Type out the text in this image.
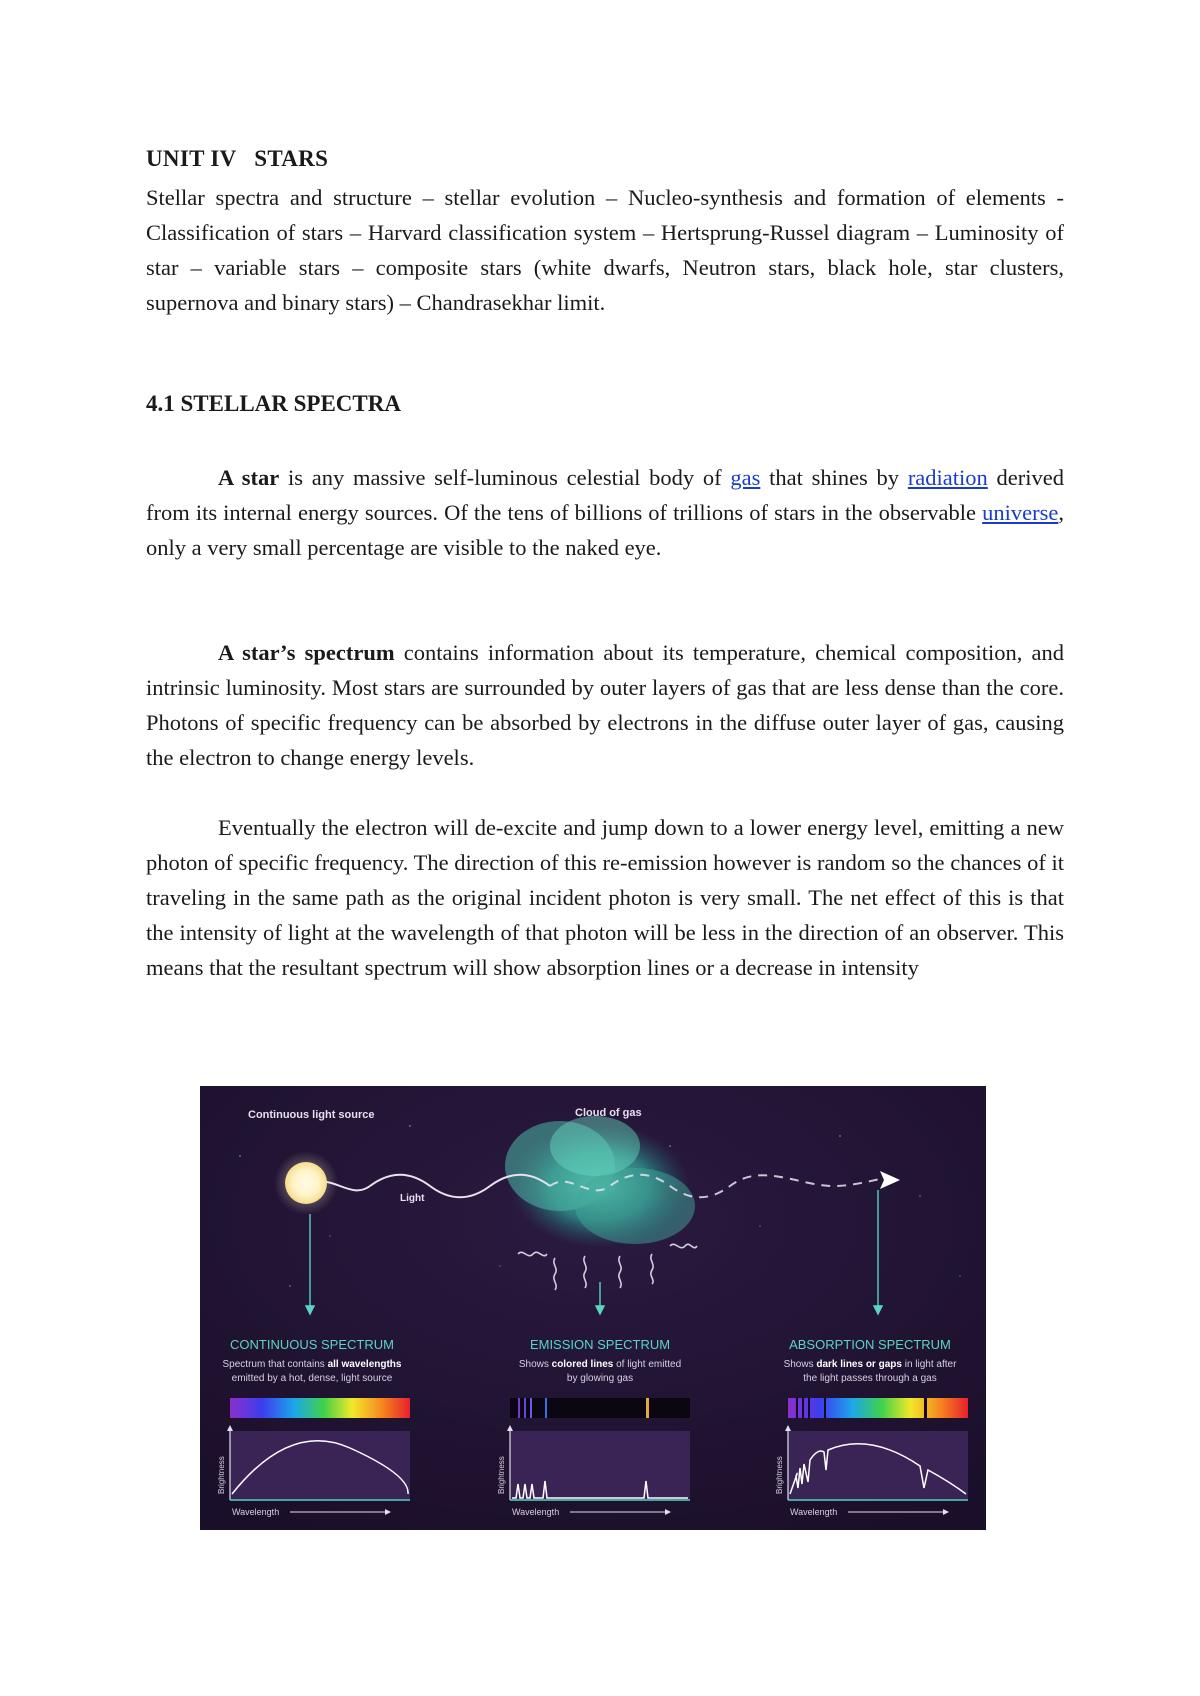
UNIT IV   STARS
Stellar spectra and structure – stellar evolution – Nucleo-synthesis and formation of elements -Classification of stars – Harvard classification system – Hertsprung-Russel diagram – Luminosity of star – variable stars – composite stars (white dwarfs, Neutron stars, black hole, star clusters, supernova and binary stars) – Chandrasekhar limit.
4.1 STELLAR SPECTRA
A star is any massive self-luminous celestial body of gas that shines by radiation derived from its internal energy sources. Of the tens of billions of trillions of stars in the observable universe, only a very small percentage are visible to the naked eye.
A star’s spectrum contains information about its temperature, chemical composition, and intrinsic luminosity. Most stars are surrounded by outer layers of gas that are less dense than the core. Photons of specific frequency can be absorbed by electrons in the diffuse outer layer of gas, causing the electron to change energy levels.
Eventually the electron will de-excite and jump down to a lower energy level, emitting a new photon of specific frequency. The direction of this re-emission however is random so the chances of it traveling in the same path as the original incident photon is very small. The net effect of this is that the intensity of light at the wavelength of that photon will be less in the direction of an observer. This means that the resultant spectrum will show absorption lines or a decrease in intensity
Continuous light source	Cloud of gas
Light
CONTINUOUS SPECTRUM
Spectrum that contains all wavelengths
emitted by a hot, dense, light source
Brightness
Wavelength
EMISSION SPECTRUM
Shows colored lines of light emitted
by glowing gas
Brightness
Wavelength
ABSORPTION SPECTRUM
Shows dark lines or gaps in light after
the light passes through a gas
Brightness
Wavelength
